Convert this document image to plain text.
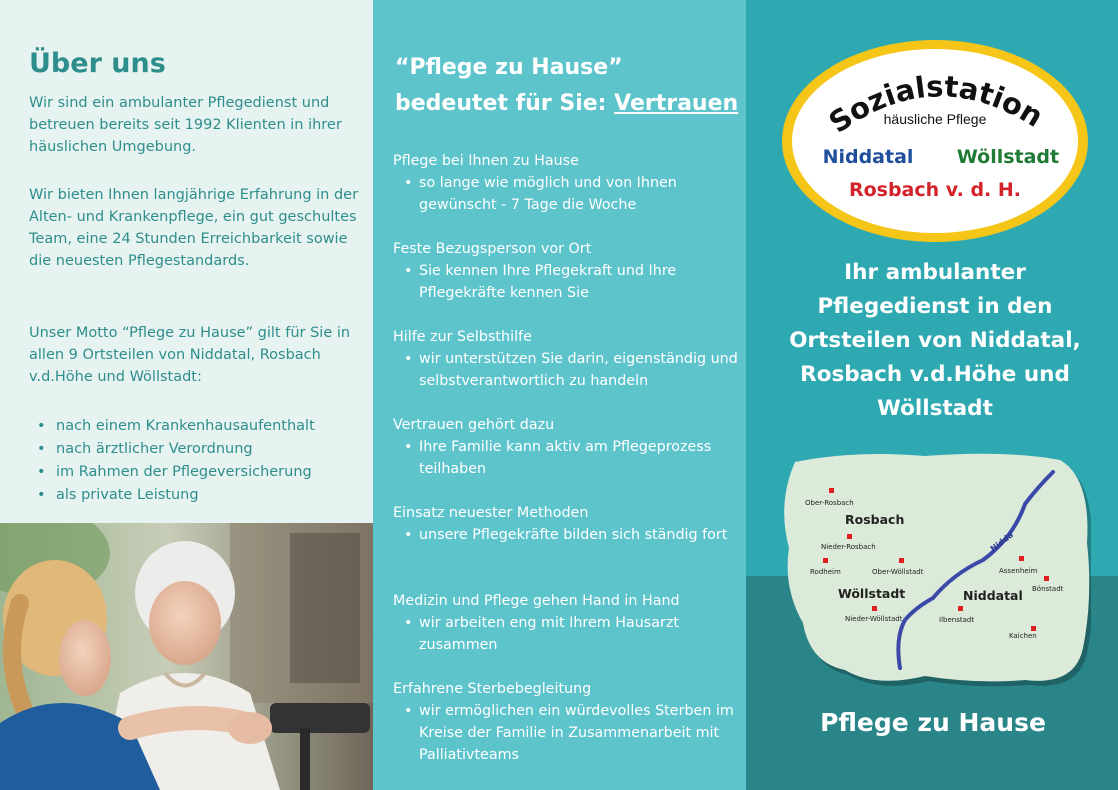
Über uns

Wir sind ein ambulanter Pflegedienst und betreuen bereits seit 1992 Klienten in ihrer häuslichen Umgebung.

Wir bieten Ihnen langjährige Erfahrung in der Alten- und Krankenpflege, ein gut geschultes Team, eine 24 Stunden Erreichbarkeit sowie die neuesten Pflegestandards.

Unser Motto “Pflege zu Hause” gilt für Sie in allen 9 Ortsteilen von Niddatal, Rosbach v.d.Höhe und Wöllstadt:

• nach einem Krankenhausaufenthalt
• nach ärztlicher Verordnung
• im Rahmen der Pflegeversicherung
• als private Leistung
“Pflege zu Hause”
bedeutet für Sie: Vertrauen
Pflege bei Ihnen zu Hause
• so lange wie möglich und von Ihnen gewünscht - 7 Tage die Woche
Feste Bezugsperson vor Ort
• Sie kennen Ihre Pflegekraft und Ihre Pflegekräfte kennen Sie
Hilfe zur Selbsthilfe
• wir unterstützen Sie darin, eigenständig und selbstverantwortlich zu handeln
Vertrauen gehört dazu
• Ihre Familie kann aktiv am Pflegeprozess teilhaben
Einsatz neuester Methoden
• unsere Pflegekräfte bilden sich ständig fort
Medizin und Pflege gehen Hand in Hand
• wir arbeiten eng mit Ihrem Hausarzt zusammen
Erfahrene Sterbebegleitung
• wir ermöglichen ein würdevolles Sterben im Kreise der Familie in Zusammenarbeit mit Palliativteams
Sozialstation
häusliche Pflege
Niddatal Wöllstadt
Rosbach v. d. H.

Ihr ambulanter
Pflegedienst in den
Ortsteilen von Niddatal,
Rosbach v.d.Höhe und
Wöllstadt

Nidda
Rosbach
Wöllstadt	Niddatal
Ober-Rosbach
Nieder-Rosbach
Rodheim	Ober-Wöllstadt
Nieder-Wöllstadt	Ilbenstadt
Assenheim
Bönstadt
Kaichen
Pflege zu Hause
